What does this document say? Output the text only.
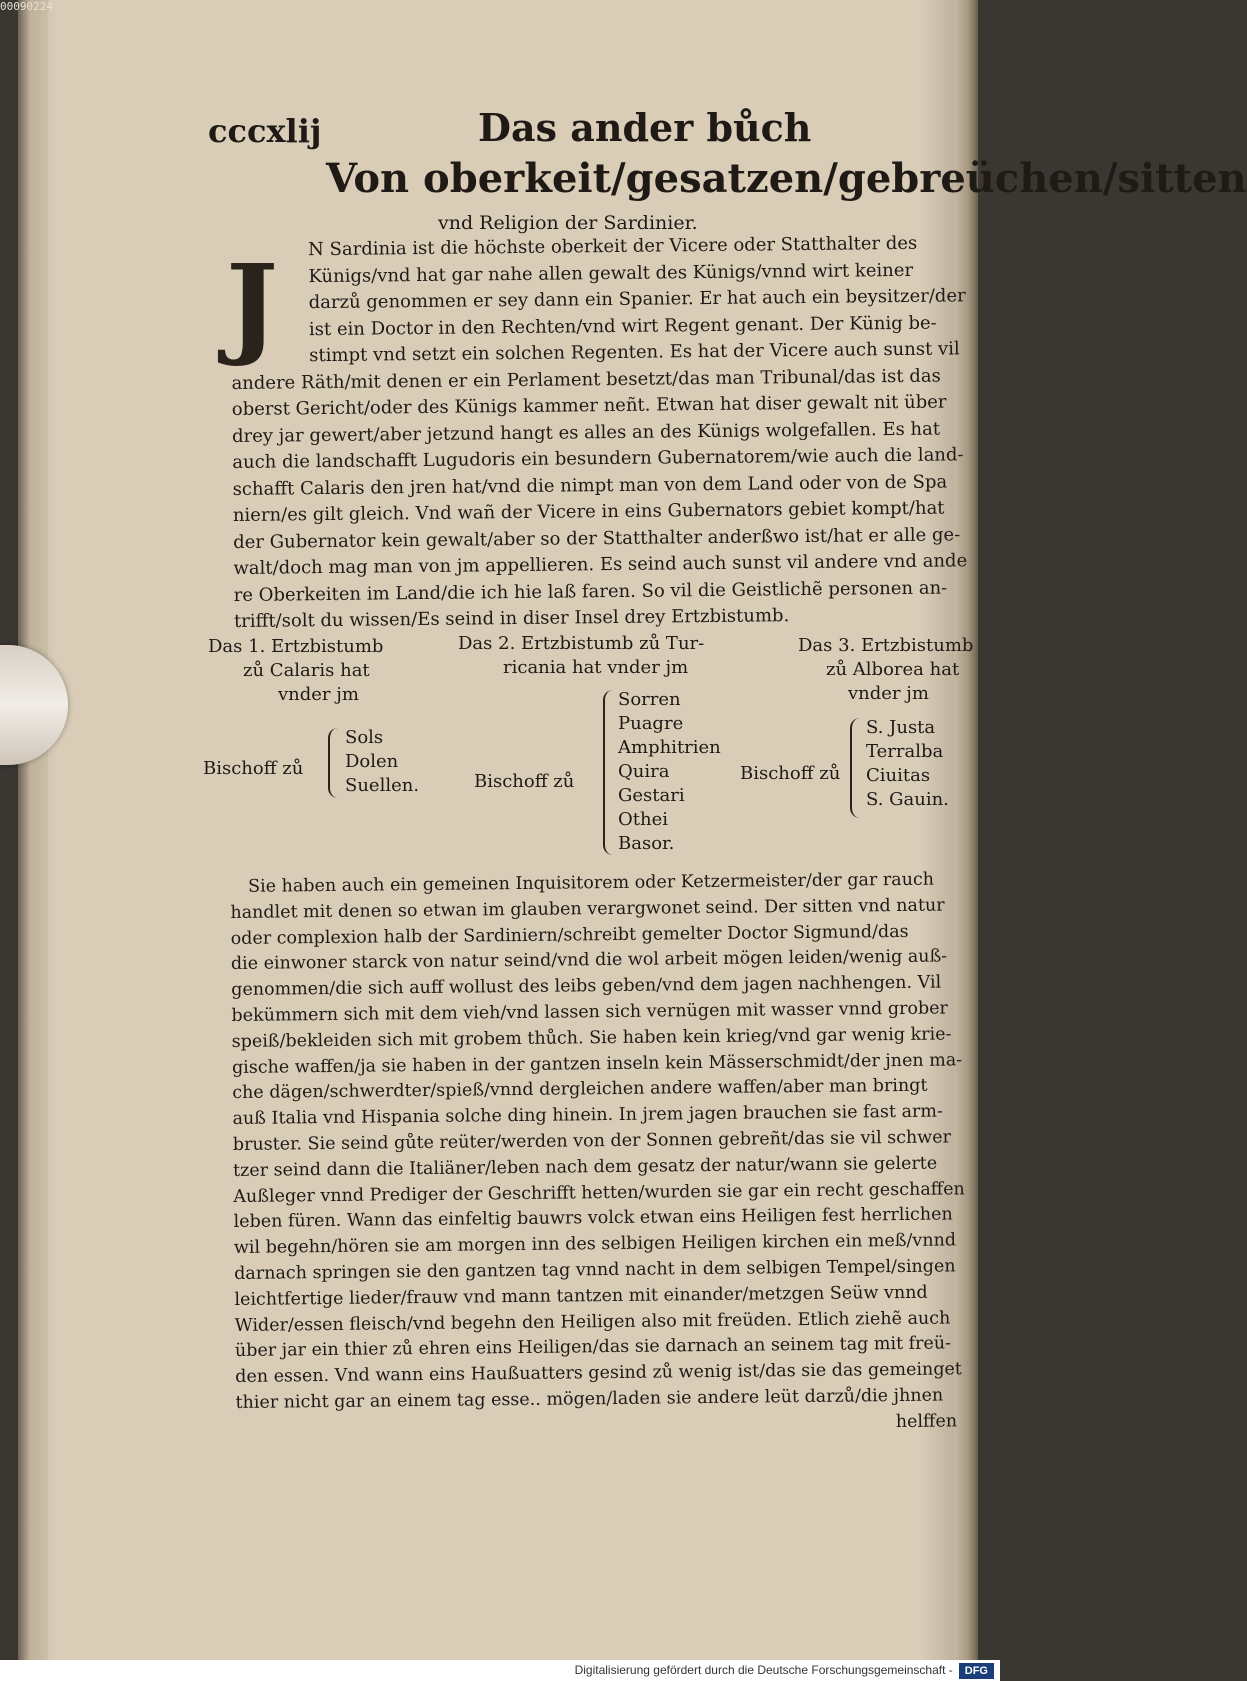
cccxlij	Das ander bůch
Von oberkeit/gesatzen/gebreüchen/sitten
vnd Religion der Sardinier.
J	N Sardinia ist die höchste oberkeit der Vicere oder Statthalter des
Künigs/vnd hat gar nahe allen gewalt des Künigs/vnnd wirt keiner
darzů genommen er sey dann ein Spanier. Er hat auch ein beysitzer/der
ist ein Doctor in den Rechten/vnd wirt Regent genant. Der Künig be-
stimpt vnd setzt ein solchen Regenten. Es hat der Vicere auch sunst vil
andere Räth/mit denen er ein Perlament besetzt/das man Tribunal/das ist das
oberst Gericht/oder des Künigs kammer neñt. Etwan hat diser gewalt nit über
drey jar gewert/aber jetzund hangt es alles an des Künigs wolgefallen. Es hat
auch die landschafft Lugudoris ein besundern Gubernatorem/wie auch die land-
schafft Calaris den jren hat/vnd die nimpt man von dem Land oder von de Spa
niern/es gilt gleich. Vnd wañ der Vicere in eins Gubernators gebiet kompt/hat
der Gubernator kein gewalt/aber so der Statthalter anderßwo ist/hat er alle ge-
walt/doch mag man von jm appellieren. Es seind auch sunst vil andere vnd ande
re Oberkeiten im Land/die ich hie laß faren. So vil die Geistlichẽ personen an-
trifft/solt du wissen/Es seind in diser Insel drey Ertzbistumb.
Das 1. Ertzbistumb
zů Calaris hat
vnder jm
Bischoff zů
Sols
Dolen
Suellen.
Das 2. Ertzbistumb zů Tur-
ricania hat vnder jm
Bischoff zů
Sorren
Puagre
Amphitrien
Quira
Gestari
Othei
Basor.
Das 3. Ertzbistumb
zů Alborea hat
vnder jm
Bischoff zů
S. Justa
Terralba
Ciuitas
S. Gauin.
Sie haben auch ein gemeinen Inquisitorem oder Ketzermeister/der gar rauch
handlet mit denen so etwan im glauben verargwonet seind. Der sitten vnd natur
oder complexion halb der Sardiniern/schreibt gemelter Doctor Sigmund/das
die einwoner starck von natur seind/vnd die wol arbeit mögen leiden/wenig auß-
genommen/die sich auff wollust des leibs geben/vnd dem jagen nachhengen. Vil
bekümmern sich mit dem vieh/vnd lassen sich vernügen mit wasser vnnd grober
speiß/bekleiden sich mit grobem thůch. Sie haben kein krieg/vnd gar wenig krie-
gische waffen/ja sie haben in der gantzen inseln kein Mässerschmidt/der jnen ma-
che dägen/schwerdter/spieß/vnnd dergleichen andere waffen/aber man bringt
auß Italia vnd Hispania solche ding hinein. In jrem jagen brauchen sie fast arm-
bruster. Sie seind gůte reüter/werden von der Sonnen gebreñt/das sie vil schwer
tzer seind dann die Italiäner/leben nach dem gesatz der natur/wann sie gelerte
Außleger vnnd Prediger der Geschrifft hetten/wurden sie gar ein recht geschaffen
leben füren. Wann das einfeltig bauwrs volck etwan eins Heiligen fest herrlichen
wil begehn/hören sie am morgen inn des selbigen Heiligen kirchen ein meß/vnnd
darnach springen sie den gantzen tag vnnd nacht in dem selbigen Tempel/singen
leichtfertige lieder/frauw vnd mann tantzen mit einander/metzgen Seüw vnnd
Wider/essen fleisch/vnd begehn den Heiligen also mit freüden. Etlich ziehẽ auch
über jar ein thier zů ehren eins Heiligen/das sie darnach an seinem tag mit freü-
den essen. Vnd wann eins Haußuatters gesind zů wenig ist/das sie das gemeinget
thier nicht gar an einem tag esse.. mögen/laden sie andere leüt darzů/die jhnen
helffen
00090224
Digitalisierung gefördert durch die Deutsche Forschungsgemeinschaft - DFG
